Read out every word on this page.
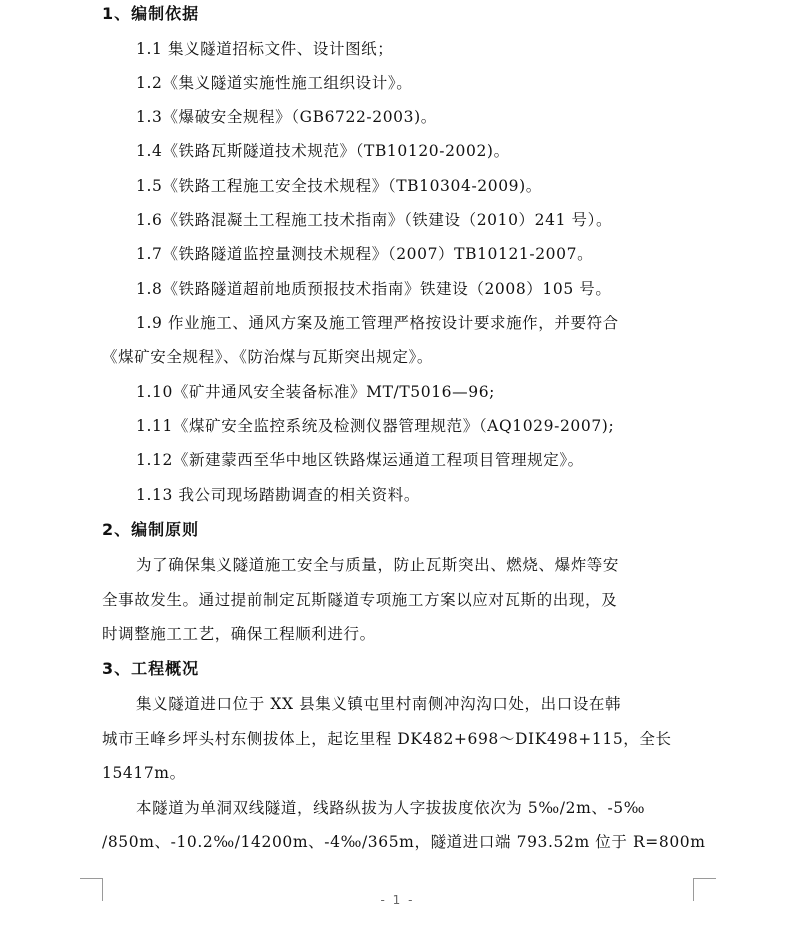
1、编制依据

1.1 集义隧道招标文件、设计图纸；

1.2《集义隧道实施性施工组织设计》。

1.3《爆破安全规程》（GB6722-2003)。

1.4《铁路瓦斯隧道技术规范》（TB10120-2002)。

1.5《铁路工程施工安全技术规程》（TB10304-2009)。

1.6《铁路混凝土工程施工技术指南》（铁建设（2010）241 号）。

1.7《铁路隧道监控量测技术规程》（2007）TB10121-2007。

1.8《铁路隧道超前地质预报技术指南》铁建设（2008）105 号。

1.9 作业施工、通风方案及施工管理严格按设计要求施作，并要符合

《煤矿安全规程》、《防治煤与瓦斯突出规定》。

1.10《矿井通风安全装备标准》MT/T5016—96;

1.11《煤矿安全监控系统及检测仪器管理规范》（AQ1029-2007);

1.12《新建蒙西至华中地区铁路煤运通道工程项目管理规定》。

1.13 我公司现场踏勘调查的相关资料。

2、编制原则

为了确保集义隧道施工安全与质量，防止瓦斯突出、燃烧、爆炸等安

全事故发生。通过提前制定瓦斯隧道专项施工方案以应对瓦斯的出现，及

时调整施工工艺，确保工程顺利进行。

3、工程概况

集义隧道进口位于 XX 县集义镇屯里村南侧冲沟沟口处，出口设在韩

城市王峰乡坪头村东侧拔体上，起讫里程 DK482+698～DIK498+115，全长

15417m。

本隧道为单洞双线隧道，线路纵拔为人字拔拔度依次为 5‰/2m、-5‰

/850m、-10.2‰/14200m、-4‰/365m，隧道进口端 793.52m 位于 R=800m

- 1 -
